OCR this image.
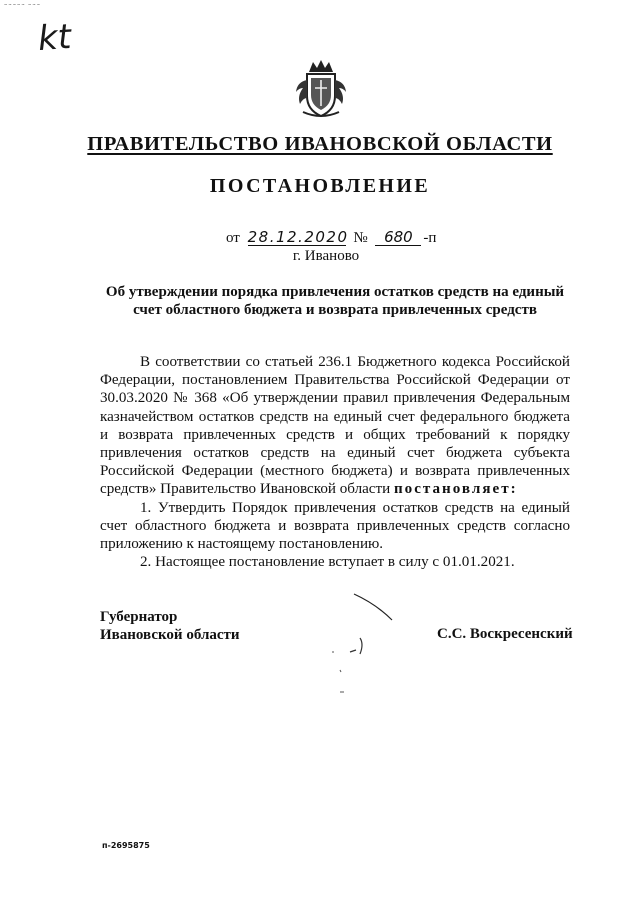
~~~~~ ~~~
kt
ПРАВИТЕЛЬСТВО ИВАНОВСКОЙ ОБЛАСТИ
ПОСТАНОВЛЕНИЕ
от 28.12.2020 № 680 -п
г. Иваново
Об утверждении порядка привлечения остатков средств на единый счет областного бюджета и возврата привлеченных средств

В соответствии со статьей 236.1 Бюджетного кодекса Российской Федерации, постановлением Правительства Российской Федерации от 30.03.2020 № 368 «Об утверждении правил привлечения Федеральным казначейством остатков средств на единый счет федерального бюджета и возврата привлеченных средств и общих требований к порядку привлечения остатков средств на единый счет бюджета субъекта Российской Федерации (местного бюджета) и возврата привлеченных средств» Правительство Ивановской области постановляет:

1. Утвердить Порядок привлечения остатков средств на единый счет областного бюджета и возврата привлеченных средств согласно приложению к настоящему постановлению.

2. Настоящее постановление вступает в силу с 01.01.2021.

Губернатор
Ивановской области	С.С. Воскресенский
п-2695875
